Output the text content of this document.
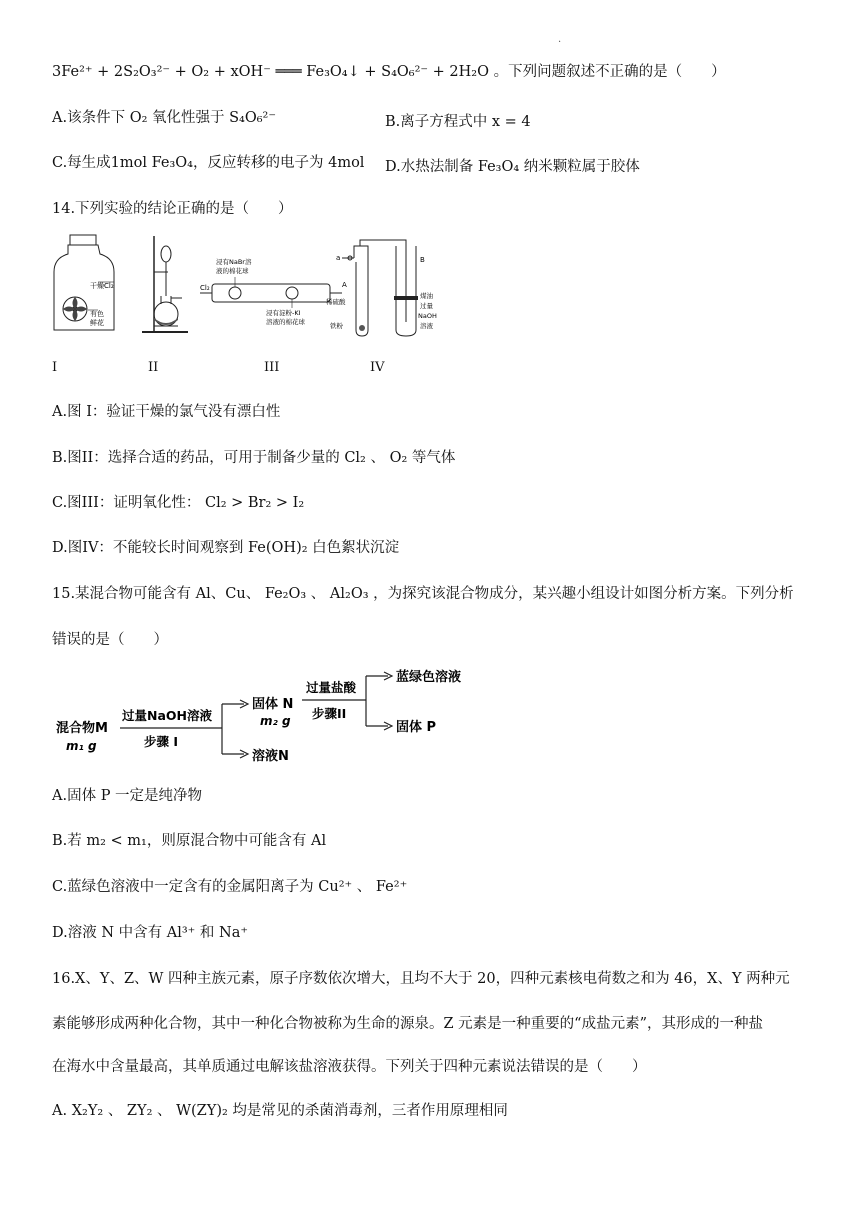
.
3Fe²⁺ + 2S₂O₃²⁻ + O₂ + xOH⁻ ═══ Fe₃O₄↓ + S₄O₆²⁻ + 2H₂O 。下列问题叙述不正确的是（　　）
A.该条件下 O₂ 氧化性强于 S₄O₆²⁻	B.离子方程式中 x = 4
C.每生成1mol Fe₃O₄，反应转移的电子为 4mol D.水热法制备 Fe₃O₄ 纳米颗粒属于胶体
14.下列实验的结论正确的是（　　）
干燥Cl₂
有色
鲜花
Cl₂
浸有NaBr溶
液的棉花球
浸有淀粉-KI
溶液的棉花球
a
A
B
稀硫酸
铁粉
煤油
过量
NaOH
溶液
I	II	III	IV
A.图 I：验证干燥的氯气没有漂白性
B.图II：选择合适的药品，可用于制备少量的 Cl₂ 、 O₂ 等气体
C.图III：证明氧化性： Cl₂ > Br₂ > I₂
D.图IV：不能较长时间观察到 Fe(OH)₂ 白色絮状沉淀
15.某混合物可能含有 Al、Cu、 Fe₂O₃ 、 Al₂O₃ ，为探究该混合物成分，某兴趣小组设计如图分析方案。下列分析
错误的是（　　）
混合物M
m₁ g
过量NaOH溶液
步骤 I
固体 N
m₂ g
溶液N
过量盐酸
步骤II
蓝绿色溶液
固体 P
A.固体 P 一定是纯净物
B.若 m₂ < m₁，则原混合物中可能含有 Al
C.蓝绿色溶液中一定含有的金属阳离子为 Cu²⁺ 、 Fe²⁺
D.溶液 N 中含有 Al³⁺ 和 Na⁺
16.X、Y、Z、W 四种主族元素，原子序数依次增大，且均不大于 20，四种元素核电荷数之和为 46，X、Y 两种元
素能够形成两种化合物，其中一种化合物被称为生命的源泉。Z 元素是一种重要的“成盐元素”，其形成的一种盐
在海水中含量最高，其单质通过电解该盐溶液获得。下列关于四种元素说法错误的是（　　）
A. X₂Y₂ 、 ZY₂ 、 W(ZY)₂ 均是常见的杀菌消毒剂，三者作用原理相同
